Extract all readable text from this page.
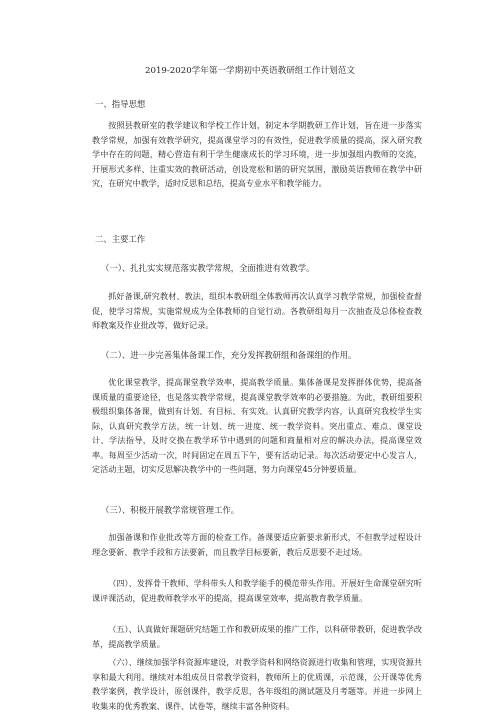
2019-2020学年第一学期初中英语教研组工作计划范文
一、指导思想
按照县教研室的教学建议和学校工作计划，制定本学期教研工作计划，旨在进一步落实教学常规，加强有效教学研究，提高课堂学习的有效性，促进教学质量的提高，深入研究教学中存在的问题，精心营造有利于学生健康成长的学习环境，进一步加强组内教师的交流，开展形式多样、注重实效的教研活动，创设宽松和谐的研究氛围，激励英语教师在教学中研究，在研究中教学，适时反思和总结，提高专业水平和教学能力。
二、主要工作
（一）、扎扎实实规范落实教学常规，全面推进有效教学。
抓好备课,研究教材、教法，组织本教研组全体教师再次认真学习教学常规，加强检查督促，使学习常规，实施常规成为全体教师的自觉行动。各教研组每月一次抽查及总体检查教师教案及作业批改等，做好记录。
（二）、进一步完善集体备课工作，充分发挥教研组和备课组的作用。
优化课堂教学，提高课堂教学效率，提高教学质量。集体备课是发挥群体优势，提高备课质量的重要途径，也是落实教学常规，提高课堂教学效率的必要措施。为此，教研组要积极组织集体备课，做到有计划、有目标、有实效。认真研究教学内容，认真研究我校学生实际，认真研究教学方法，统一计划、统一进度、统一教学资料。突出重点、难点、课堂设计、学法指导，及时交换在教学环节中遇到的问题和商量相对应的解决办法，提高课堂效率。每周至少活动一次，时间固定在周五下午，要有活动记录。每次活动要定中心发言人，定活动主题，切实反思解决教学中的一些问题，努力向课堂45分钟要质量。
（三）、积极开展教学常规管理工作。
加强备课和作业批改等方面的检查工作。备课要适应新要求新形式，不但教学过程设计理念要新、教学手段和方法要新，而且教学目标要新，教后反思要不走过场。
（四）、发挥骨干教师、学科带头人和教学能手的模范带头作用。开展好生命课堂研究听课评课活动，促进教师教学水平的提高，提高课堂效率，提高教育教学质量。
（五）、认真做好课题研究结题工作和教研成果的推广工作，以科研带教研，促进教学改革，提高教学质量。
（六）、继续加强学科资源库建设，对教学资料和网络资源进行收集和管理，实现资源共享和最大利用。继续对本组成员日常教学资料，教师所上的优质课，示范课，公开课等优秀教学案例，教学设计，原创课件，教学反思，各年级组的测试题及月考题等。并进一步网上收集来的优秀教案、课件、试卷等，继续丰富各种资料。
